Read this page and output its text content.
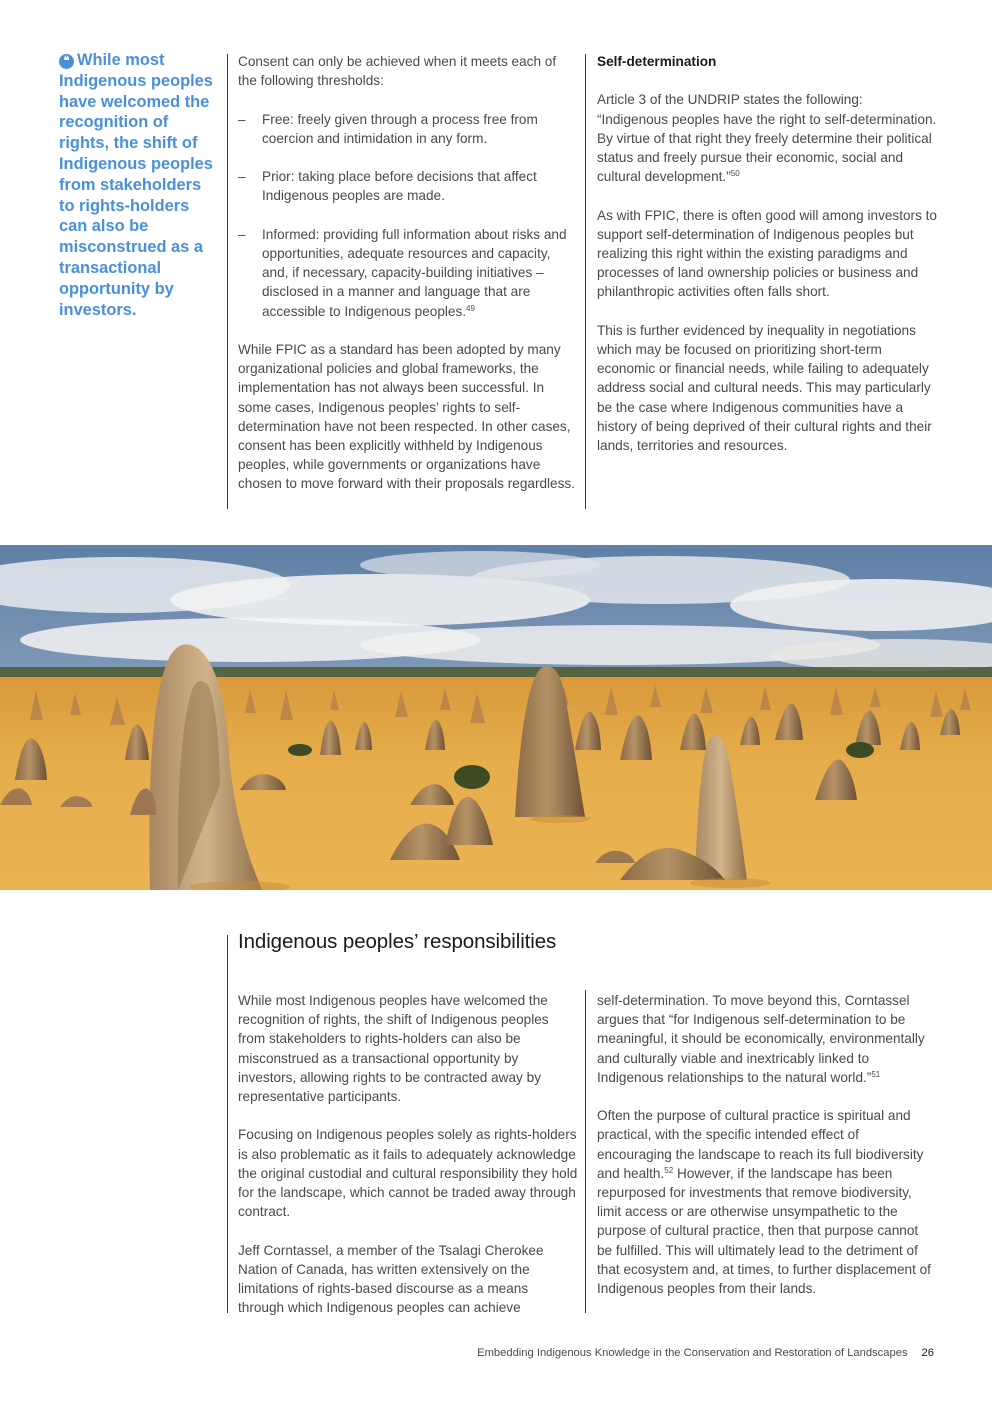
❝ While most Indigenous peoples have welcomed the recognition of rights, the shift of Indigenous peoples from stakeholders to rights-holders can also be misconstrued as a transactional opportunity by investors.

Consent can only be achieved when it meets each of the following thresholds:

– Free: freely given through a process free from coercion and intimidation in any form.
– Prior: taking place before decisions that affect Indigenous peoples are made.
– Informed: providing full information about risks and opportunities, adequate resources and capacity, and, if necessary, capacity-building initiatives – disclosed in a manner and language that are accessible to Indigenous peoples.$^{49}$

While FPIC as a standard has been adopted by many organizational policies and global frameworks, the implementation has not always been successful. In some cases, Indigenous peoples’ rights to self-determination have not been respected. In other cases, consent has been explicitly withheld by Indigenous peoples, while governments or organizations have chosen to move forward with their proposals regardless.

Self-determination

Article 3 of the UNDRIP states the following: “Indigenous peoples have the right to self-determination. By virtue of that right they freely determine their political status and freely pursue their economic, social and cultural development.”$^{50}$

As with FPIC, there is often good will among investors to support self-determination of Indigenous peoples but realizing this right within the existing paradigms and processes of land ownership policies or business and philanthropic activities often falls short.

This is further evidenced by inequality in negotiations which may be focused on prioritizing short-term economic or financial needs, while failing to adequately address social and cultural needs. This may particularly be the case where Indigenous communities have a history of being deprived of their cultural rights and their lands, territories and resources.

Indigenous peoples’ responsibilities

While most Indigenous peoples have welcomed the recognition of rights, the shift of Indigenous peoples from stakeholders to rights-holders can also be misconstrued as a transactional opportunity by investors, allowing rights to be contracted away by representative participants.

Focusing on Indigenous peoples solely as rights-holders is also problematic as it fails to adequately acknowledge the original custodial and cultural responsibility they hold for the landscape, which cannot be traded away through contract.

Jeff Corntassel, a member of the Tsalagi Cherokee Nation of Canada, has written extensively on the limitations of rights-based discourse as a means through which Indigenous peoples can achieve

self-determination. To move beyond this, Corntassel argues that “for Indigenous self-determination to be meaningful, it should be economically, environmentally and culturally viable and inextricably linked to Indigenous relationships to the natural world.”$^{51}$

Often the purpose of cultural practice is spiritual and practical, with the specific intended effect of encouraging the landscape to reach its full biodiversity and health.$^{52}$ However, if the landscape has been repurposed for investments that remove biodiversity, limit access or are otherwise unsympathetic to the purpose of cultural practice, then that purpose cannot be fulfilled. This will ultimately lead to the detriment of that ecosystem and, at times, to further displacement of Indigenous peoples from their lands.

Embedding Indigenous Knowledge in the Conservation and Restoration of Landscapes 26
